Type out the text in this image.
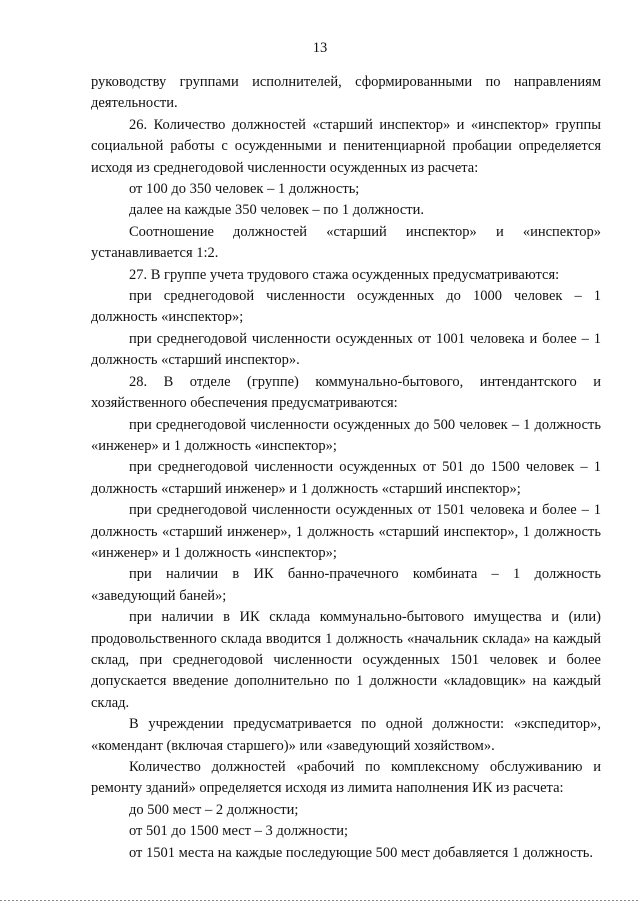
13

руководству группами исполнителей, сформированными по направлениям деятельности.

26. Количество должностей «старший инспектор» и «инспектор» группы социальной работы с осужденными и пенитенциарной пробации определяется исходя из среднегодовой численности осужденных из расчета:

от 100 до 350 человек – 1 должность;

далее на каждые 350 человек – по 1 должности.

Соотношение должностей «старший инспектор» и «инспектор» устанавливается 1:2.

27. В группе учета трудового стажа осужденных предусматриваются:

при среднегодовой численности осужденных до 1000 человек – 1 должность «инспектор»;

при среднегодовой численности осужденных от 1001 человека и более – 1 должность «старший инспектор».

28. В отделе (группе) коммунально-бытового, интендантского и хозяйственного обеспечения предусматриваются:

при среднегодовой численности осужденных до 500 человек – 1 должность «инженер» и 1 должность «инспектор»;

при среднегодовой численности осужденных от 501 до 1500 человек – 1 должность «старший инженер» и 1 должность «старший инспектор»;

при среднегодовой численности осужденных от 1501 человека и более – 1 должность «старший инженер», 1 должность «старший инспектор», 1 должность «инженер» и 1 должность «инспектор»;

при наличии в ИК банно-прачечного комбината – 1 должность «заведующий баней»;

при наличии в ИК склада коммунально-бытового имущества и (или) продовольственного склада вводится 1 должность «начальник склада» на каждый склад, при среднегодовой численности осужденных 1501 человек и более допускается введение дополнительно по 1 должности «кладовщик» на каждый склад.

В учреждении предусматривается по одной должности: «экспедитор», «комендант (включая старшего)» или «заведующий хозяйством».

Количество должностей «рабочий по комплексному обслуживанию и ремонту зданий» определяется исходя из лимита наполнения ИК из расчета:

до 500 мест – 2 должности;

от 501 до 1500 мест – 3 должности;

от 1501 места на каждые последующие 500 мест добавляется 1 должность.
